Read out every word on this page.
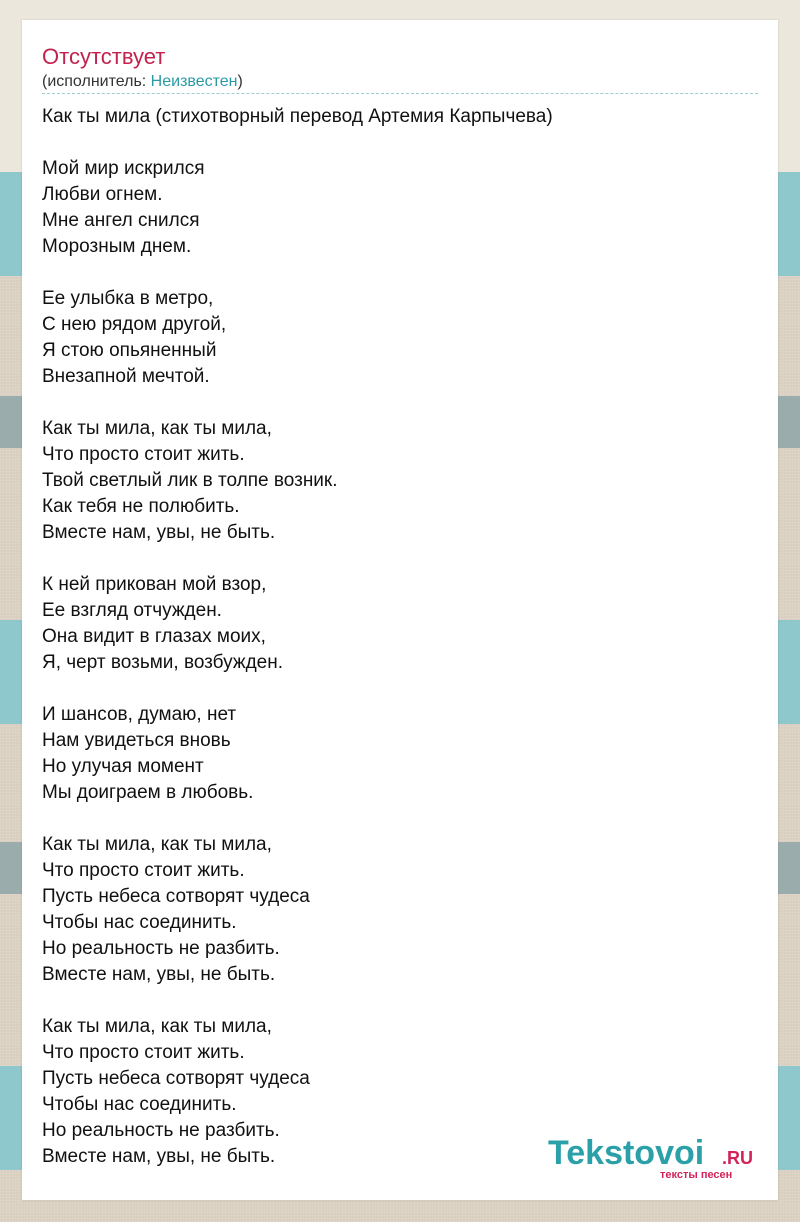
Отсутствует
(исполнитель: Неизвестен)

Как ты мила (стихотворный перевод Артемия Карпычева)

Мой мир искрился
Любви огнем.
Мне ангел снился
Морозным днем.

Ее улыбка в метро,
С нею рядом другой,
Я стою опьяненный
Внезапной мечтой.

Как ты мила, как ты мила,
Что просто стоит жить.
Твой светлый лик в толпе возник.
Как тебя не полюбить.
Вместе нам, увы, не быть.

К ней прикован мой взор,
Ее взгляд отчужден.
Она видит в глазах моих,
Я, черт возьми, возбужден.

И шансов, думаю, нет
Нам увидеться вновь
Но улучая момент
Мы доиграем в любовь.

Как ты мила, как ты мила,
Что просто стоит жить.
Пусть небеса сотворят чудеса
Чтобы нас соединить.
Но реальность не разбить.
Вместе нам, увы, не быть.

Как ты мила, как ты мила,
Что просто стоит жить.
Пусть небеса сотворят чудеса
Чтобы нас соединить.
Но реальность не разбить.
Вместе нам, увы, не быть.	Tekstovoi .RU
тексты песен
